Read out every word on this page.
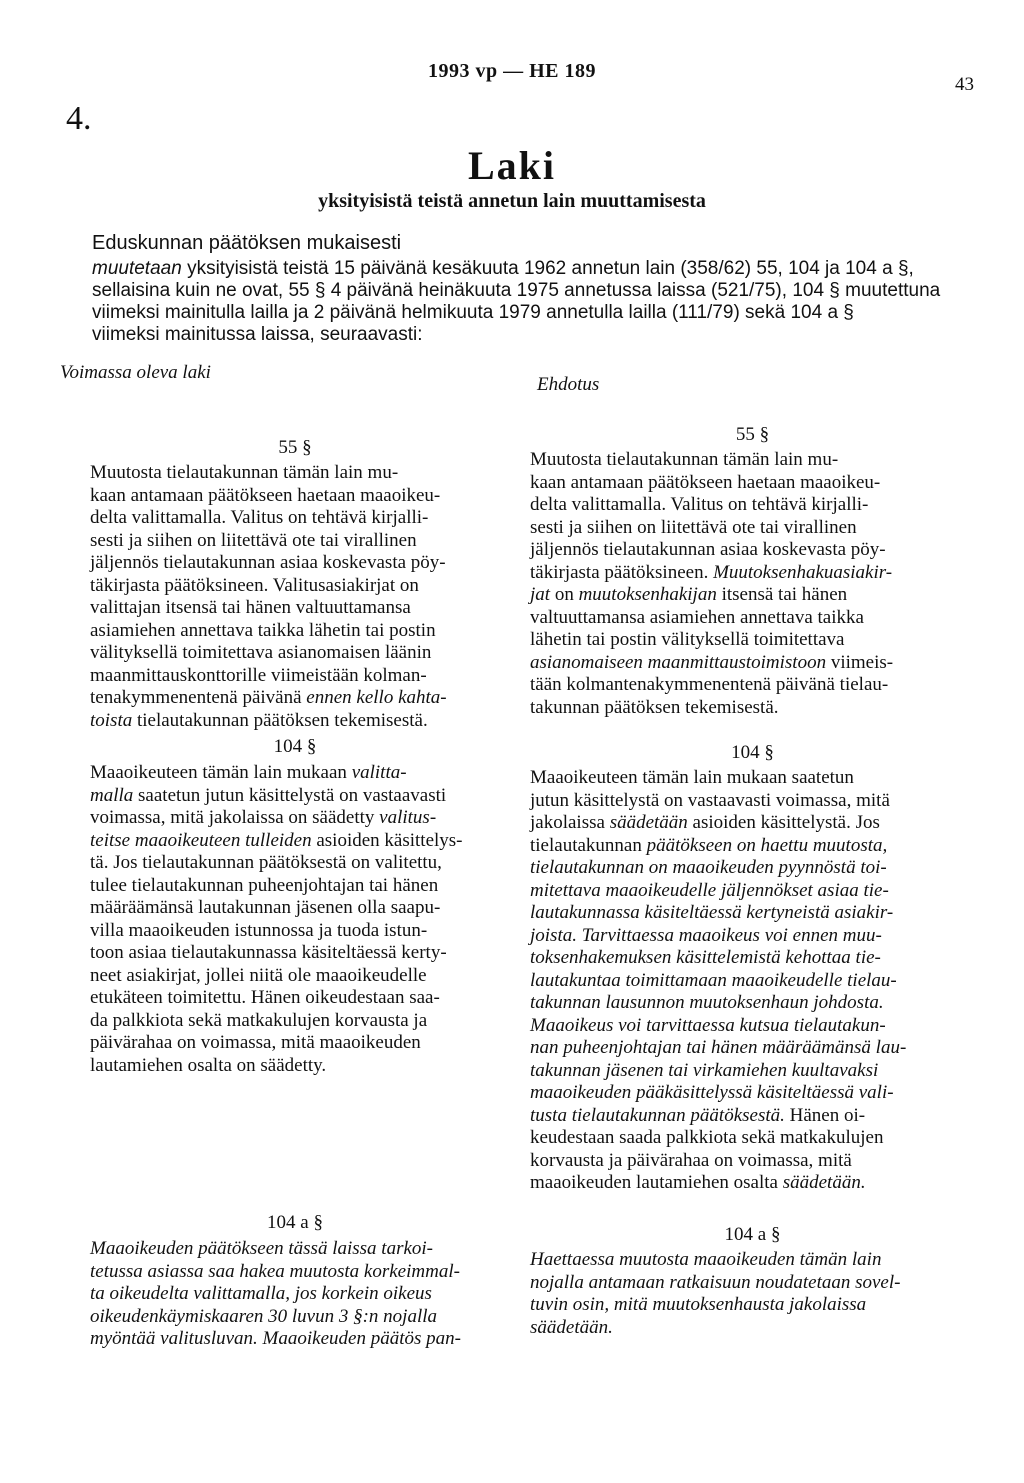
1993 vp — HE 189
43
4.
Laki
yksityisistä teistä annetun lain muuttamisesta
Eduskunnan päätöksen mukaisesti
muutetaan yksityisistä teistä 15 päivänä kesäkuuta 1962 annetun lain (358/62) 55, 104 ja 104 a §,
sellaisina kuin ne ovat, 55 § 4 päivänä heinäkuuta 1975 annetussa laissa (521/75), 104 § muutettuna
viimeksi mainitulla lailla ja 2 päivänä helmikuuta 1979 annetulla lailla (111/79) sekä 104 a §
viimeksi mainitussa laissa, seuraavasti:
Voimassa oleva laki
Ehdotus
55 §
Muutosta tielautakunnan tämän lain mu-
kaan antamaan päätökseen haetaan maaoikeu-
delta valittamalla. Valitus on tehtävä kirjalli-
sesti ja siihen on liitettävä ote tai virallinen
jäljennös tielautakunnan asiaa koskevasta pöy-
täkirjasta päätöksineen. Valitusasiakirjat on
valittajan itsensä tai hänen valtuuttamansa
asiamiehen annettava taikka lähetin tai postin
välityksellä toimitettava asianomaisen läänin
maanmittauskonttorille viimeistään kolman-
tenakymmenentenä päivänä ennen kello kahta-
toista tielautakunnan päätöksen tekemisestä.
104 §
Maaoikeuteen tämän lain mukaan valitta-
malla saatetun jutun käsittelystä on vastaavasti
voimassa, mitä jakolaissa on säädetty valitus-
teitse maaoikeuteen tulleiden asioiden käsittelys-
tä. Jos tielautakunnan päätöksestä on valitettu,
tulee tielautakunnan puheenjohtajan tai hänen
määräämänsä lautakunnan jäsenen olla saapu-
villa maaoikeuden istunnossa ja tuoda istun-
toon asiaa tielautakunnassa käsiteltäessä kerty-
neet asiakirjat, jollei niitä ole maaoikeudelle
etukäteen toimitettu. Hänen oikeudestaan saa-
da palkkiota sekä matkakulujen korvausta ja
päivärahaa on voimassa, mitä maaoikeuden
lautamiehen osalta on säädetty.
104 a §
Maaoikeuden päätökseen tässä laissa tarkoi-
tetussa asiassa saa hakea muutosta korkeimmal-
ta oikeudelta valittamalla, jos korkein oikeus
oikeudenkäymiskaaren 30 luvun 3 §:n nojalla
myöntää valitusluvan. Maaoikeuden päätös pan-
55 §
Muutosta tielautakunnan tämän lain mu-
kaan antamaan päätökseen haetaan maaoikeu-
delta valittamalla. Valitus on tehtävä kirjalli-
sesti ja siihen on liitettävä ote tai virallinen
jäljennös tielautakunnan asiaa koskevasta pöy-
täkirjasta päätöksineen. Muutoksenhakuasiakir-
jat on muutoksenhakijan itsensä tai hänen
valtuuttamansa asiamiehen annettava taikka
lähetin tai postin välityksellä toimitettava
asianomaiseen maanmittaustoimistoon viimeis-
tään kolmantenakymmenentenä päivänä tielau-
takunnan päätöksen tekemisestä.
104 §
Maaoikeuteen tämän lain mukaan saatetun
jutun käsittelystä on vastaavasti voimassa, mitä
jakolaissa säädetään asioiden käsittelystä. Jos
tielautakunnan päätökseen on haettu muutosta,
tielautakunnan on maaoikeuden pyynnöstä toi-
mitettava maaoikeudelle jäljennökset asiaa tie-
lautakunnassa käsiteltäessä kertyneistä asiakir-
joista. Tarvittaessa maaoikeus voi ennen muu-
toksenhakemuksen käsittelemistä kehottaa tie-
lautakuntaa toimittamaan maaoikeudelle tielau-
takunnan lausunnon muutoksenhaun johdosta.
Maaoikeus voi tarvittaessa kutsua tielautakun-
nan puheenjohtajan tai hänen määräämänsä lau-
takunnan jäsenen tai virkamiehen kuultavaksi
maaoikeuden pääkäsittelyssä käsiteltäessä vali-
tusta tielautakunnan päätöksestä. Hänen oi-
keudestaan saada palkkiota sekä matkakulujen
korvausta ja päivärahaa on voimassa, mitä
maaoikeuden lautamiehen osalta säädetään.
104 a §
Haettaessa muutosta maaoikeuden tämän lain
nojalla antamaan ratkaisuun noudatetaan sovel-
tuvin osin, mitä muutoksenhausta jakolaissa
säädetään.
